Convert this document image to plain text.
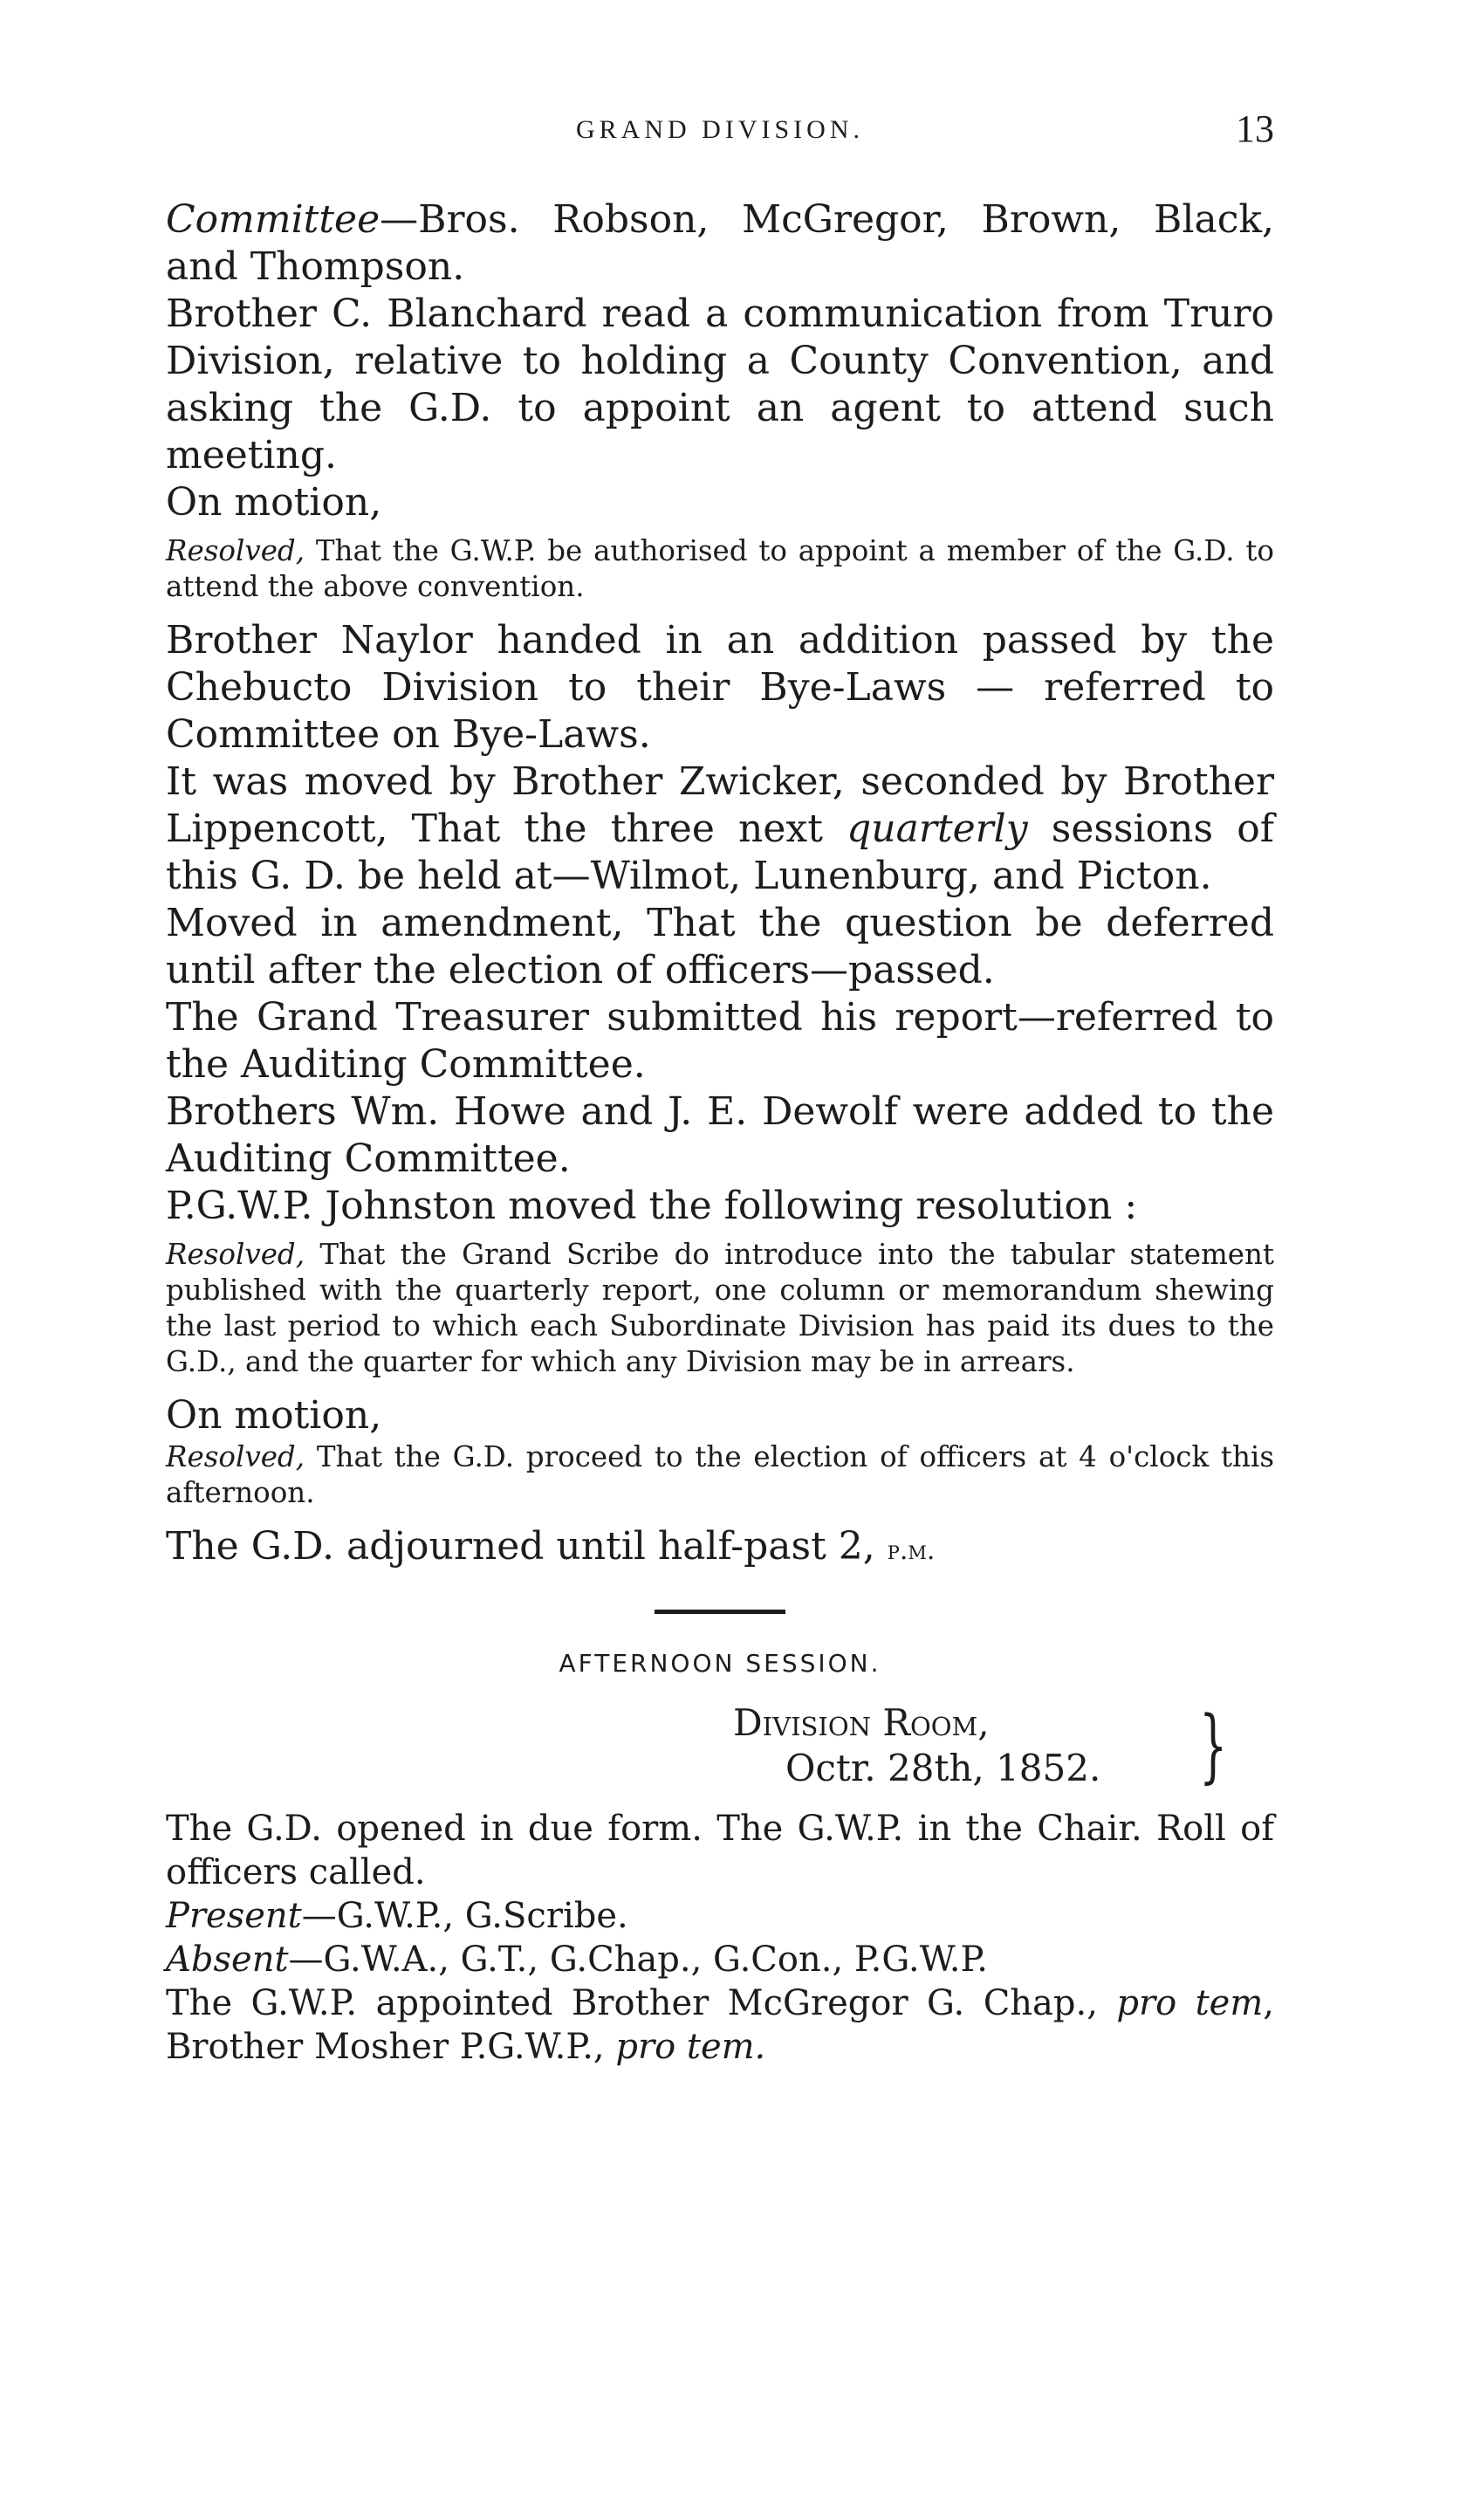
GRAND DIVISION.	13

Committee—Bros. Robson, McGregor, Brown, Black, and Thompson.

Brother C. Blanchard read a communication from Truro Division, relative to holding a County Convention, and asking the G.D. to appoint an agent to attend such meeting.

On motion,

Resolved, That the G.W.P. be authorised to appoint a member of the G.D. to attend the above convention.

Brother Naylor handed in an addition passed by the Chebucto Division to their Bye-Laws — referred to Committee on Bye-Laws.

It was moved by Brother Zwicker, seconded by Brother Lippencott, That the three next quarterly sessions of this G. D. be held at—Wilmot, Lunenburg, and Picton.

Moved in amendment, That the question be deferred until after the election of officers—passed.

The Grand Treasurer submitted his report—referred to the Auditing Committee.

Brothers Wm. Howe and J. E. Dewolf were added to the Auditing Committee.

P.G.W.P. Johnston moved the following resolution :

Resolved, That the Grand Scribe do introduce into the tabular statement published with the quarterly report, one column or memorandum shewing the last period to which each Subordinate Division has paid its dues to the G.D., and the quarter for which any Division may be in arrears.

On motion,

Resolved, That the G.D. proceed to the election of officers at 4 o'clock this afternoon.

The G.D. adjourned until half-past 2, p.m.

AFTERNOON SESSION.
Division Room,
Octr. 28th, 1852.	}

The G.D. opened in due form. The G.W.P. in the Chair. Roll of officers called.

Present—G.W.P., G.Scribe.

Absent—G.W.A., G.T., G.Chap., G.Con., P.G.W.P.

The G.W.P. appointed Brother McGregor G. Chap., pro tem, Brother Mosher P.G.W.P., pro tem.
